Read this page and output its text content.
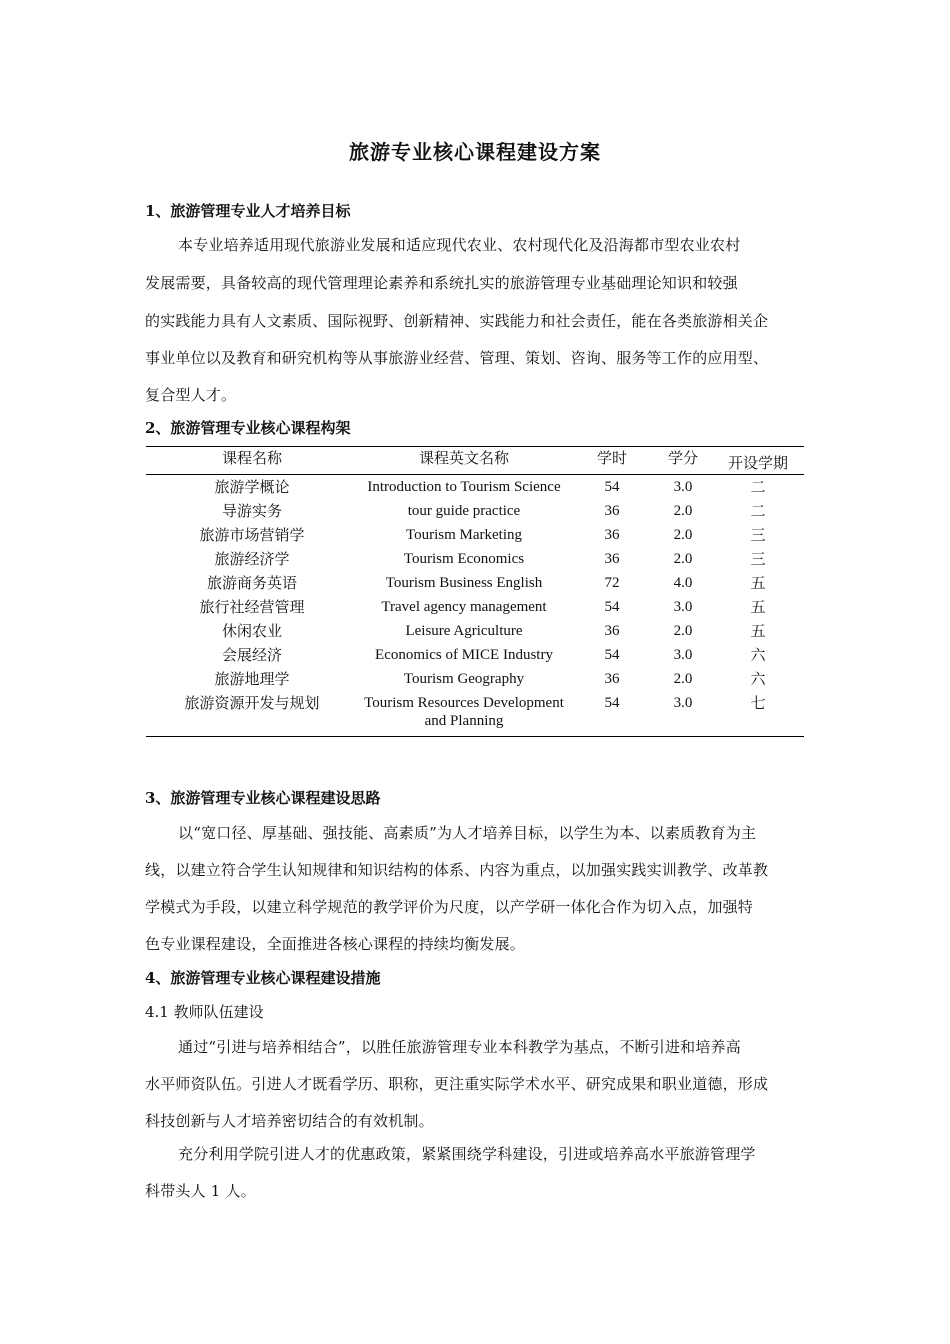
旅游专业核心课程建设方案
1、旅游管理专业人才培养目标
本专业培养适用现代旅游业发展和适应现代农业、农村现代化及沿海都市型农业农村
发展需要，具备较高的现代管理理论素养和系统扎实的旅游管理专业基础理论知识和较强
的实践能力具有人文素质、国际视野、创新精神、实践能力和社会责任，能在各类旅游相关企
事业单位以及教育和研究机构等从事旅游业经营、管理、策划、咨询、服务等工作的应用型、
复合型人才。
2、旅游管理专业核心课程构架
课程名称	课程英文名称	学时	学分	开设学期
旅游学概论	Introduction to Tourism Science	54	3.0	二
导游实务	tour guide practice	36	2.0	二
旅游市场营销学	Tourism Marketing	36	2.0	三
旅游经济学	Tourism Economics	36	2.0	三
旅游商务英语	Tourism Business English	72	4.0	五
旅行社经营管理	Travel agency management	54	3.0	五
休闲农业	Leisure Agriculture	36	2.0	五
会展经济	Economics of MICE Industry	54	3.0	六
旅游地理学	Tourism Geography	36	2.0	六
旅游资源开发与规划	Tourism Resources Development and Planning	54	3.0	七
3、旅游管理专业核心课程建设思路
以“宽口径、厚基础、强技能、高素质”为人才培养目标，以学生为本、以素质教育为主
线，以建立符合学生认知规律和知识结构的体系、内容为重点，以加强实践实训教学、改革教
学模式为手段，以建立科学规范的教学评价为尺度，以产学研一体化合作为切入点，加强特
色专业课程建设，全面推进各核心课程的持续均衡发展。
4、旅游管理专业核心课程建设措施
4.1 教师队伍建设
通过“引进与培养相结合”，以胜任旅游管理专业本科教学为基点，不断引进和培养高
水平师资队伍。引进人才既看学历、职称，更注重实际学术水平、研究成果和职业道德，形成
科技创新与人才培养密切结合的有效机制。
充分利用学院引进人才的优惠政策，紧紧围绕学科建设，引进或培养高水平旅游管理学
科带头人 1 人。
